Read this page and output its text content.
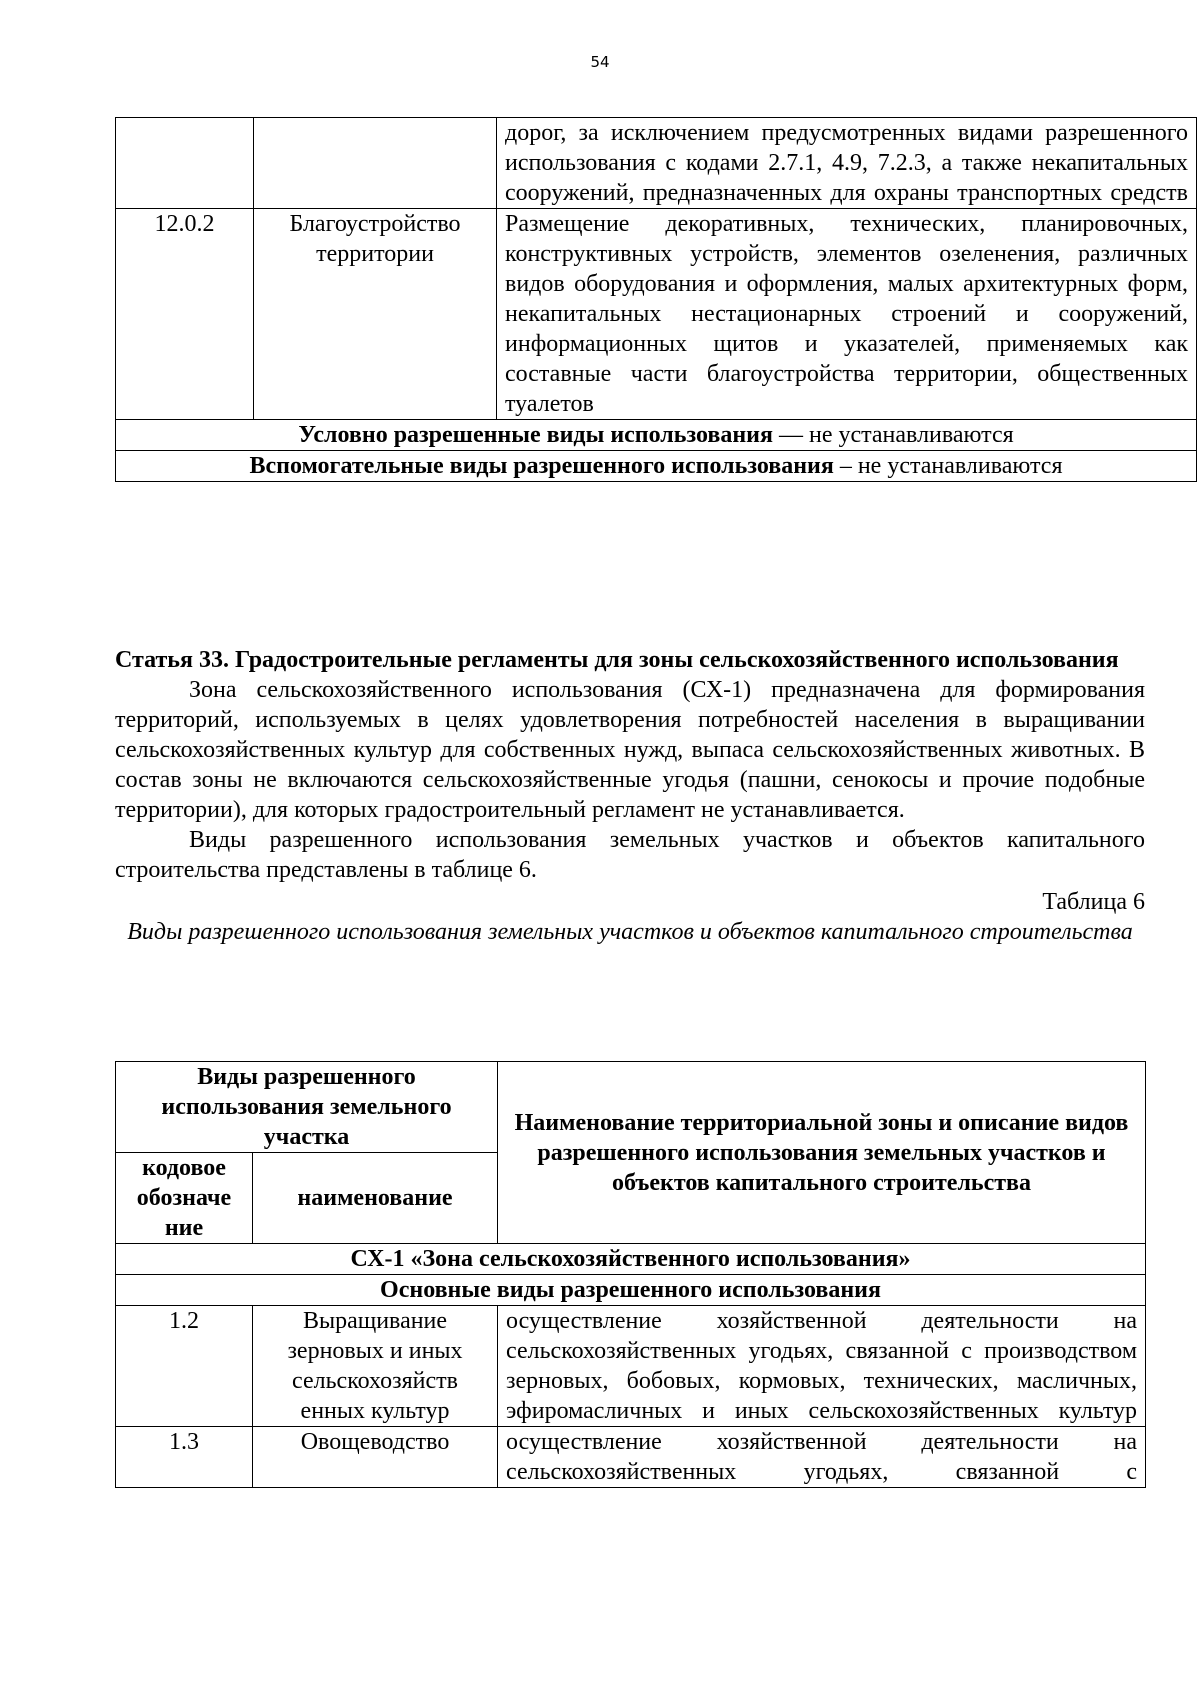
54
		дорог, за исключением предусмотренных видами разрешенного использования с кодами 2.7.1, 4.9, 7.2.3, а также некапитальных сооружений, предназначенных для охраны транспортных средств
12.0.2	Благоустройство территории	Размещение декоративных, технических, планировочных, конструктивных устройств, элементов озеленения, различных видов оборудования и оформления, малых архитектурных форм, некапитальных нестационарных строений и сооружений, информационных щитов и указателей, применяемых как составные части благоустройства территории, общественных туалетов
Условно разрешенные виды использования — не устанавливаются		
Вспомогательные виды разрешенного использования – не устанавливаются		

Статья 33. Градостроительные регламенты для зоны сельскохозяйственного использования

Зона сельскохозяйственного использования (СХ-1) предназначена для формирования территорий, используемых в целях удовлетворения потребностей населения в выращивании сельскохозяйственных культур для собственных нужд, выпаса сельскохозяйственных животных. В состав зоны не включаются сельскохозяйственные угодья (пашни, сенокосы и прочие подобные территории), для которых градостроительный регламент не устанавливается.

Виды разрешенного использования земельных участков и объектов капитального строительства представлены в таблице 6.

Таблица 6

Виды разрешенного использования земельных участков и объектов капитального строительства

Виды разрешенного использования земельного участка		Наименование территориальной зоны и описание видов разрешенного использования земельных участков и объектов капитального строительства
кодовое обозначе ние	наименование	
СХ-1 «Зона сельскохозяйственного использования»		
Основные виды разрешенного использования		
1.2	Выращивание зерновых и иных сельскохозяйств енных культур	осуществление хозяйственной деятельности на сельскохозяйственных угодьях, связанной с производством зерновых, бобовых, кормовых, технических, масличных, эфиромасличных и иных сельскохозяйственных культур
1.3	Овощеводство	осуществление хозяйственной деятельности на сельскохозяйственных угодьях, связанной с
